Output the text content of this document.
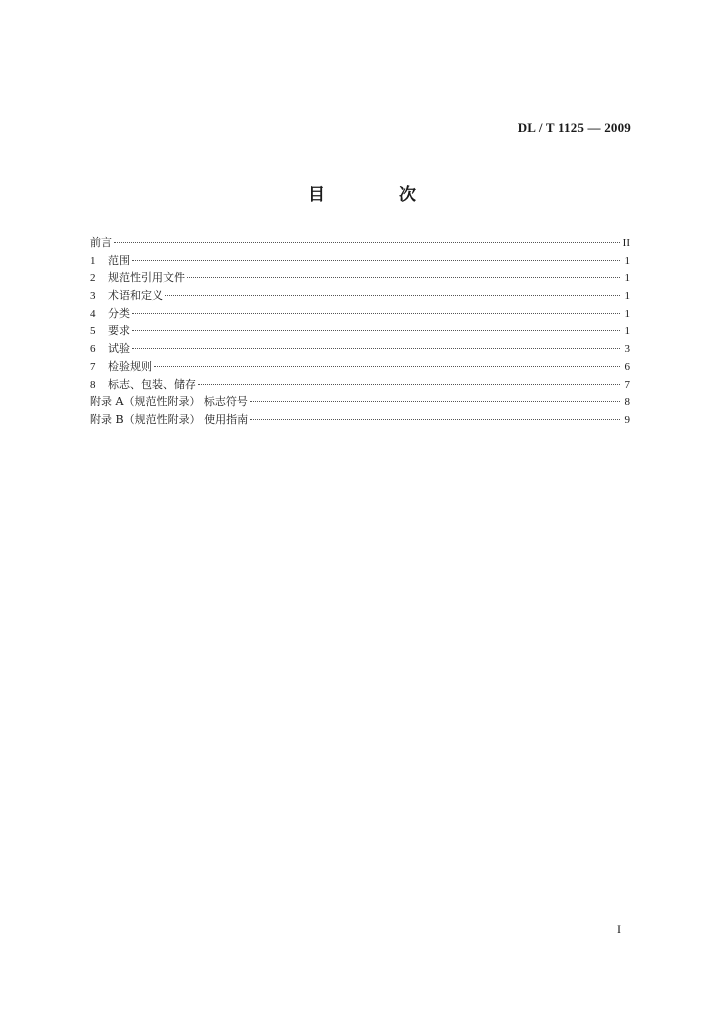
DL / T 1125 — 2009
目 次
前言	II
1	范围	1
2	规范性引用文件	1
3	术语和定义	1
4	分类	1
5	要求	1
6	试验	3
7	检验规则	6
8	标志、包装、储存	7
附录 A（规范性附录） 标志符号	8
附录 B（规范性附录） 使用指南	9
I
